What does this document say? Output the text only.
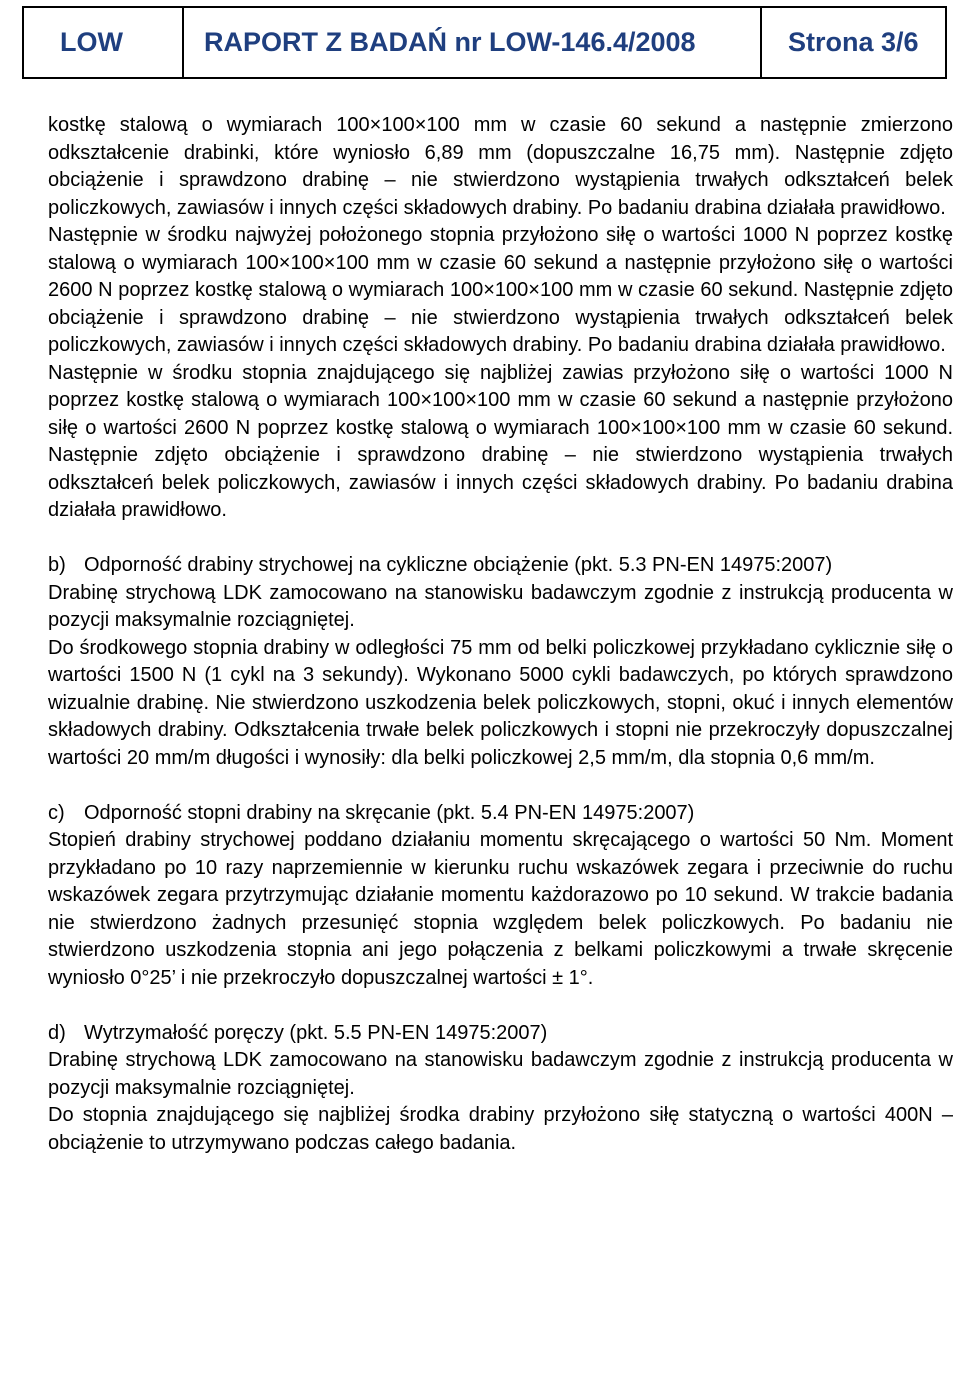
LOW	RAPORT Z BADAŃ nr LOW-146.4/2008	Strona 3/6

kostkę stalową o wymiarach 100×100×100 mm w czasie 60 sekund a następnie zmierzono odkształcenie drabinki, które wyniosło 6,89 mm (dopuszczalne 16,75 mm). Następnie zdjęto obciążenie i sprawdzono drabinę – nie stwierdzono wystąpienia trwałych odkształceń belek policzkowych, zawiasów i innych części składowych drabiny. Po badaniu drabina działała prawidłowo.

Następnie w środku najwyżej położonego stopnia przyłożono siłę o wartości 1000 N poprzez kostkę stalową o wymiarach 100×100×100 mm w czasie 60 sekund a następnie przyłożono siłę o wartości 2600 N poprzez kostkę stalową o wymiarach 100×100×100 mm w czasie 60 sekund. Następnie zdjęto obciążenie i sprawdzono drabinę – nie stwierdzono wystąpienia trwałych odkształceń belek policzkowych, zawiasów i innych części składowych drabiny. Po badaniu drabina działała prawidłowo.

Następnie w środku stopnia znajdującego się najbliżej zawias przyłożono siłę o wartości 1000 N poprzez kostkę stalową o wymiarach 100×100×100 mm w czasie 60 sekund a następnie przyłożono siłę o wartości 2600 N poprzez kostkę stalową o wymiarach 100×100×100 mm w czasie 60 sekund. Następnie zdjęto obciążenie i sprawdzono drabinę – nie stwierdzono wystąpienia trwałych odkształceń belek policzkowych, zawiasów i innych części składowych drabiny. Po badaniu drabina działała prawidłowo.

b) Odporność drabiny strychowej na cykliczne obciążenie (pkt. 5.3 PN-EN 14975:2007)

Drabinę strychową LDK zamocowano na stanowisku badawczym zgodnie z instrukcją producenta w pozycji maksymalnie rozciągniętej.

Do środkowego stopnia drabiny w odległości 75 mm od belki policzkowej przykładano cyklicznie siłę o wartości 1500 N (1 cykl na 3 sekundy). Wykonano 5000 cykli badawczych, po których sprawdzono wizualnie drabinę. Nie stwierdzono uszkodzenia belek policzkowych, stopni, okuć i innych elementów składowych drabiny. Odkształcenia trwałe belek policzkowych i stopni nie przekroczyły dopuszczalnej wartości 20 mm/m długości i wynosiły: dla belki policzkowej 2,5 mm/m, dla stopnia 0,6 mm/m.

c) Odporność stopni drabiny na skręcanie (pkt. 5.4 PN-EN 14975:2007)

Stopień drabiny strychowej poddano działaniu momentu skręcającego o wartości 50 Nm. Moment przykładano po 10 razy naprzemiennie w kierunku ruchu wskazówek zegara i przeciwnie do ruchu wskazówek zegara przytrzymując działanie momentu każdorazowo po 10 sekund. W trakcie badania nie stwierdzono żadnych przesunięć stopnia względem belek policzkowych. Po badaniu nie stwierdzono uszkodzenia stopnia ani jego połączenia z belkami policzkowymi a trwałe skręcenie wyniosło 0°25’ i nie przekroczyło dopuszczalnej wartości ± 1°.

d) Wytrzymałość poręczy (pkt. 5.5 PN-EN 14975:2007)

Drabinę strychową LDK zamocowano na stanowisku badawczym zgodnie z instrukcją producenta w pozycji maksymalnie rozciągniętej.

Do stopnia znajdującego się najbliżej środka drabiny przyłożono siłę statyczną o wartości 400N – obciążenie to utrzymywano podczas całego badania.
